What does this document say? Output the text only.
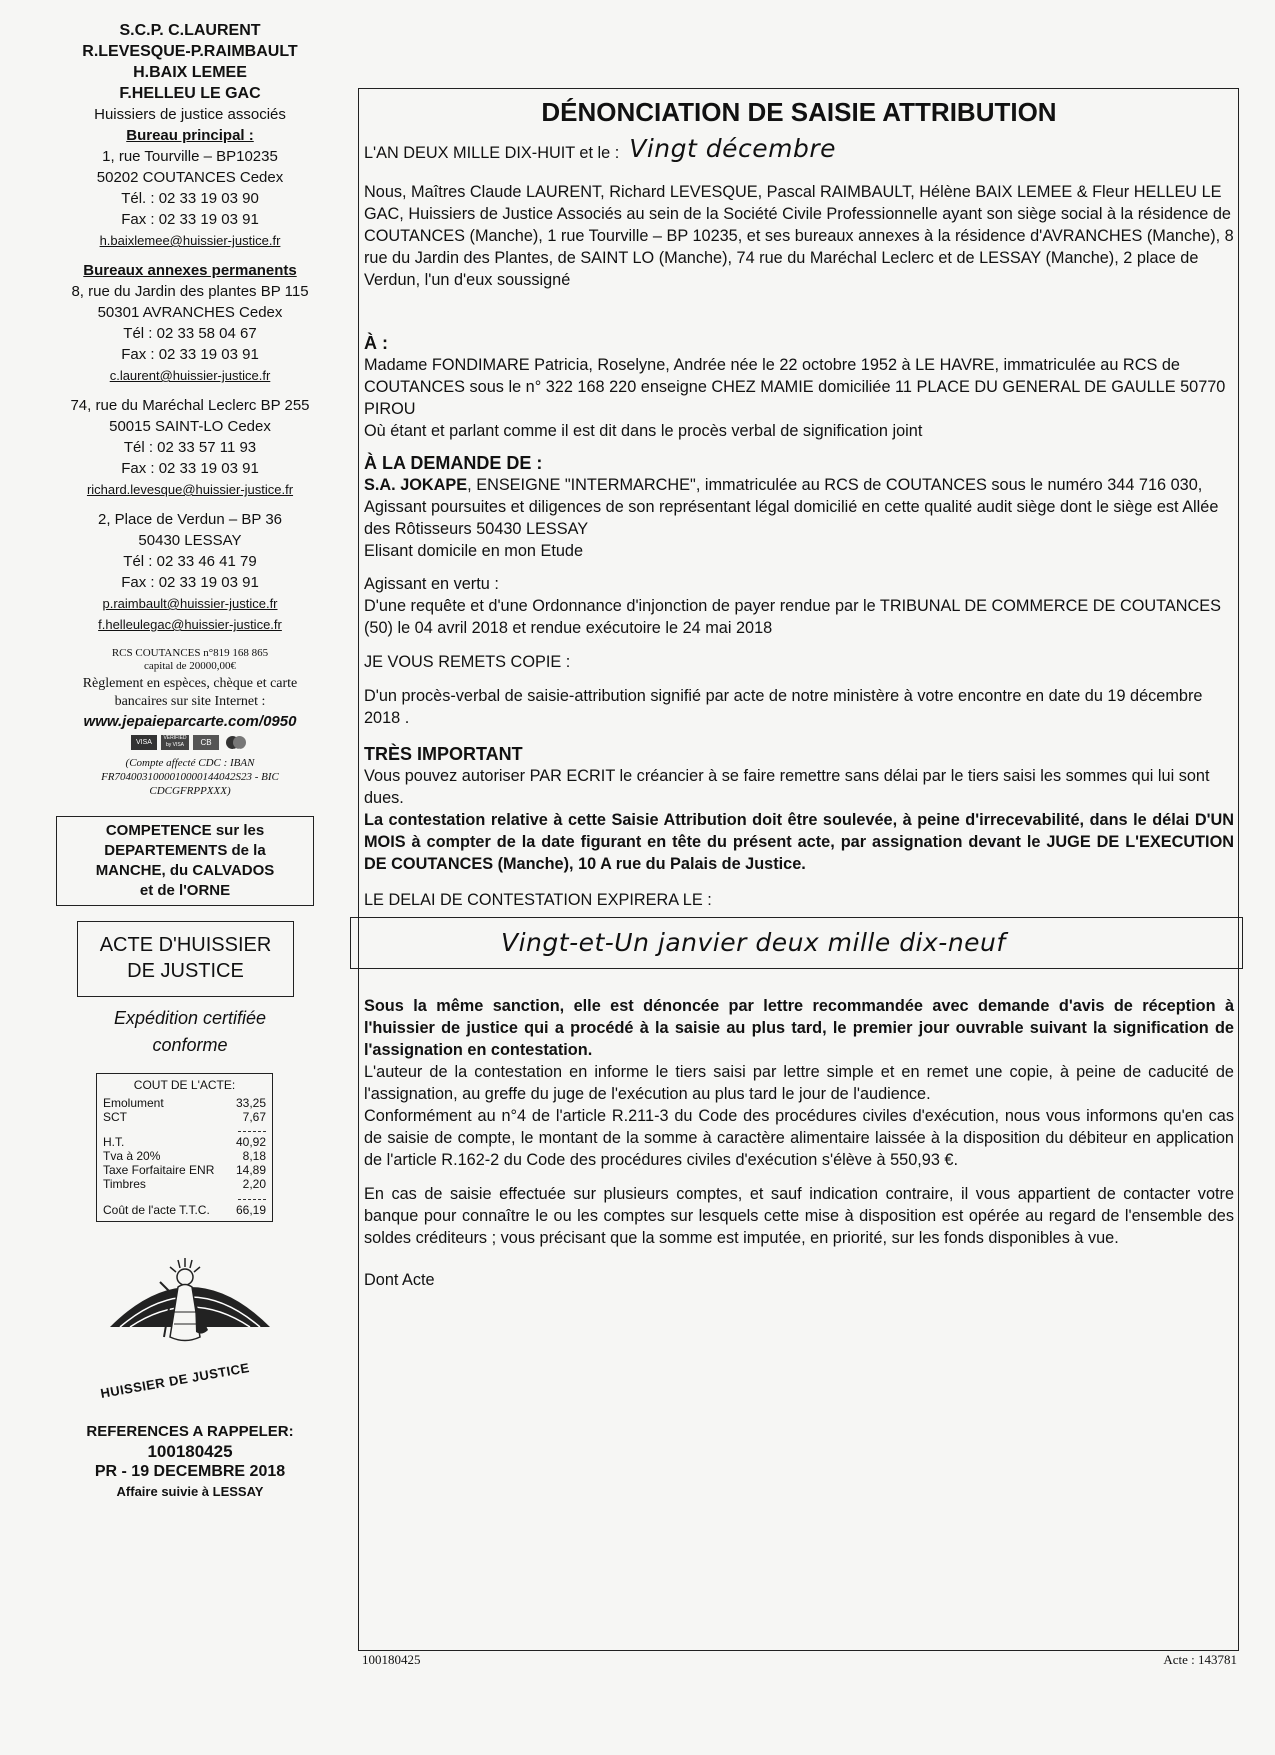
S.C.P. C.LAURENT
R.LEVESQUE-P.RAIMBAULT
H.BAIX LEMEE
F.HELLEU LE GAC
Huissiers de justice associés
Bureau principal :
1, rue Tourville – BP10235
50202 COUTANCES Cedex
Tél. : 02 33 19 03 90
Fax : 02 33 19 03 91
h.baixlemee@huissier-justice.fr
Bureaux annexes permanents
8, rue du Jardin des plantes BP 115
50301 AVRANCHES Cedex
Tél : 02 33 58 04 67
Fax : 02 33 19 03 91
c.laurent@huissier-justice.fr
74, rue du Maréchal Leclerc BP 255
50015 SAINT-LO Cedex
Tél : 02 33 57 11 93
Fax : 02 33 19 03 91
richard.levesque@huissier-justice.fr
2, Place de Verdun – BP 36
50430 LESSAY
Tél : 02 33 46 41 79
Fax : 02 33 19 03 91
p.raimbault@huissier-justice.fr
f.helleulegac@huissier-justice.fr
RCS COUTANCES n°819 168 865
capital de 20000,00€
Règlement en espèces, chèque et carte bancaires sur site Internet :
www.jepaieparcarte.com/0950
VISA
VERIFIED by VISA	CB
MasterCard
(Compte affecté CDC : IBAN FR7040031000010000144042S23 - BIC CDCGFRPPXXX)
COMPETENCE sur les
DEPARTEMENTS de la
MANCHE, du CALVADOS
et de l'ORNE
ACTE D'HUISSIER
DE JUSTICE
Expédition certifiée
conforme
COUT DE L'ACTE:
Emolument	33,25
SCT	7,67
H.T.	40,92
Tva à 20%	8,18
Taxe Forfaitaire ENR 14,89
Timbres	2,20
Coût de l'acte T.T.C. 66,19
HUISSIER DE JUSTICE
REFERENCES A RAPPELER:
100180425
PR - 19 DECEMBRE 2018
Affaire suivie à LESSAY
DÉNONCIATION DE SAISIE ATTRIBUTION
L'AN DEUX MILLE DIX-HUIT et le : Vingt décembre

Nous, Maîtres Claude LAURENT, Richard LEVESQUE, Pascal RAIMBAULT, Hélène BAIX LEMEE & Fleur HELLEU LE GAC, Huissiers de Justice Associés au sein de la Société Civile Professionnelle ayant son siège social à la résidence de COUTANCES (Manche), 1 rue Tourville – BP 10235, et ses bureaux annexes à la résidence d'AVRANCHES (Manche), 8 rue du Jardin des Plantes, de SAINT LO (Manche), 74 rue du Maréchal Leclerc et de LESSAY (Manche), 2 place de Verdun, l'un d'eux soussigné

À :

Madame FONDIMARE Patricia, Roselyne, Andrée née le 22 octobre 1952 à LE HAVRE, immatriculée au RCS de COUTANCES sous le n° 322 168 220 enseigne CHEZ MAMIE domiciliée 11 PLACE DU GENERAL DE GAULLE 50770 PIROU

Où étant et parlant comme il est dit dans le procès verbal de signification joint

À LA DEMANDE DE :

S.A. JOKAPE, ENSEIGNE "INTERMARCHE", immatriculée au RCS de COUTANCES sous le numéro 344 716 030, Agissant poursuites et diligences de son représentant légal domicilié en cette qualité audit siège dont le siège est Allée des Rôtisseurs 50430 LESSAY

Elisant domicile en mon Etude

Agissant en vertu :

D'une requête et d'une Ordonnance d'injonction de payer rendue par le TRIBUNAL DE COMMERCE DE COUTANCES (50) le 04 avril 2018 et rendue exécutoire le 24 mai 2018

JE VOUS REMETS COPIE :

D'un procès-verbal de saisie-attribution signifié par acte de notre ministère à votre encontre en date du 19 décembre 2018 .

TRÈS IMPORTANT

Vous pouvez autoriser PAR ECRIT le créancier à se faire remettre sans délai par le tiers saisi les sommes qui lui sont dues.

La contestation relative à cette Saisie Attribution doit être soulevée, à peine d'irrecevabilité, dans le délai D'UN MOIS à compter de la date figurant en tête du présent acte, par assignation devant le JUGE DE L'EXECUTION DE COUTANCES (Manche), 10 A rue du Palais de Justice.

LE DELAI DE CONTESTATION EXPIRERA LE :

Vingt-et-Un janvier deux mille dix-neuf

Sous la même sanction, elle est dénoncée par lettre recommandée avec demande d'avis de réception à l'huissier de justice qui a procédé à la saisie au plus tard, le premier jour ouvrable suivant la signification de l'assignation en contestation.

L'auteur de la contestation en informe le tiers saisi par lettre simple et en remet une copie, à peine de caducité de l'assignation, au greffe du juge de l'exécution au plus tard le jour de l'audience.

Conformément au n°4 de l'article R.211-3 du Code des procédures civiles d'exécution, nous vous informons qu'en cas de saisie de compte, le montant de la somme à caractère alimentaire laissée à la disposition du débiteur en application de l'article R.162-2 du Code des procédures civiles d'exécution s'élève à 550,93 €.

En cas de saisie effectuée sur plusieurs comptes, et sauf indication contraire, il vous appartient de contacter votre banque pour connaître le ou les comptes sur lesquels cette mise à disposition est opérée au regard de l'ensemble des soldes créditeurs ; vous précisant que la somme est imputée, en priorité, sur les fonds disponibles à vue.

Dont Acte

100180425	Acte : 143781
